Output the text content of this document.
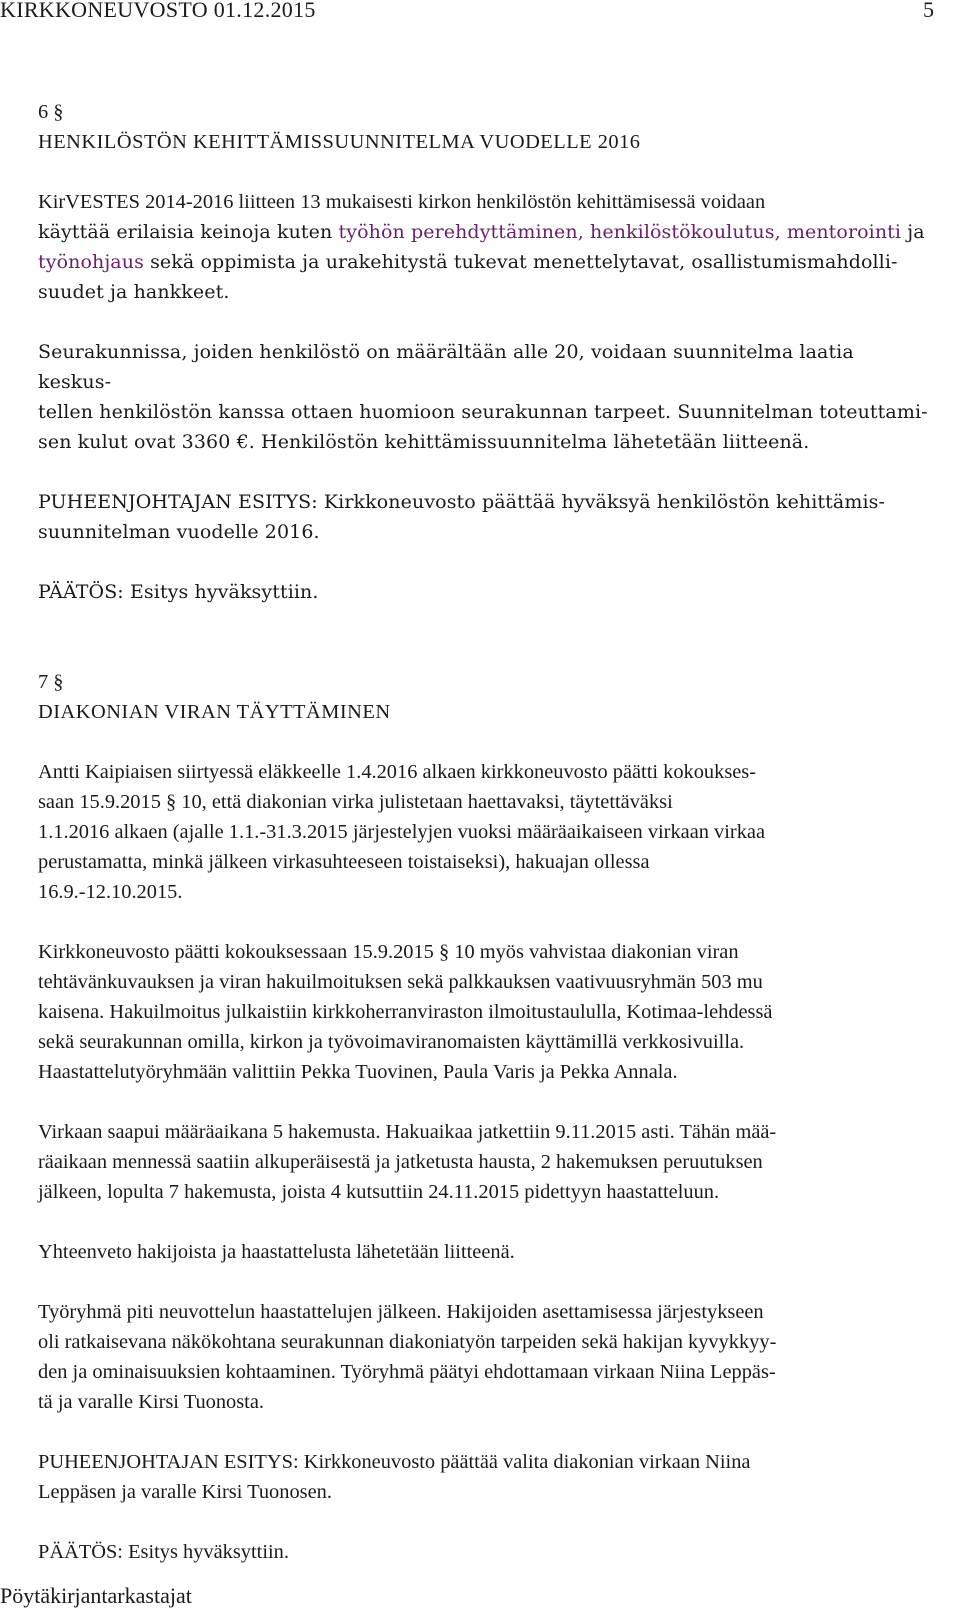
KIRKKONEUVOSTO 01.12.2015	5

6 §

HENKILÖSTÖN KEHITTÄMISSUUNNITELMA VUODELLE 2016

KirVESTES 2014-2016 liitteen 13 mukaisesti kirkon henkilöstön kehittämisessä voidaan

käyttää erilaisia keinoja kuten työhön perehdyttäminen, henkilöstökoulutus, mentorointi ja

työnohjaus sekä oppimista ja urakehitystä tukevat menettelytavat, osallistumismahdolli-

suudet ja hankkeet.

Seurakunnissa, joiden henkilöstö on määrältään alle 20, voidaan suunnitelma laatia keskus-

tellen henkilöstön kanssa ottaen huomioon seurakunnan tarpeet. Suunnitelman toteuttami-

sen kulut ovat 3360 €. Henkilöstön kehittämissuunnitelma lähetetään liitteenä.

PUHEENJOHTAJAN ESITYS: Kirkkoneuvosto päättää hyväksyä henkilöstön kehittämis-

suunnitelman vuodelle 2016.

PÄÄTÖS: Esitys hyväksyttiin.

7 §

DIAKONIAN VIRAN TÄYTTÄMINEN

Antti Kaipiaisen siirtyessä eläkkeelle 1.4.2016 alkaen kirkkoneuvosto päätti kokoukses-

saan 15.9.2015 § 10, että diakonian virka julistetaan haettavaksi, täytettäväksi

1.1.2016 alkaen (ajalle 1.1.-31.3.2015 järjestelyjen vuoksi määräaikaiseen virkaan virkaa

perustamatta, minkä jälkeen virkasuhteeseen toistaiseksi), hakuajan ollessa

16.9.-12.10.2015.

Kirkkoneuvosto päätti kokouksessaan 15.9.2015 § 10 myös vahvistaa diakonian viran

tehtävänkuvauksen ja viran hakuilmoituksen sekä palkkauksen vaativuusryhmän 503 mu

kaisena. Hakuilmoitus julkaistiin kirkkoherranviraston ilmoitustaululla, Kotimaa-lehdessä

sekä seurakunnan omilla, kirkon ja työvoimaviranomaisten käyttämillä verkkosivuilla.

Haastattelutyöryhmään valittiin Pekka Tuovinen, Paula Varis ja Pekka Annala.

Virkaan saapui määräaikana 5 hakemusta. Hakuaikaa jatkettiin 9.11.2015 asti. Tähän mää-

räaikaan mennessä saatiin alkuperäisestä ja jatketusta hausta, 2 hakemuksen peruutuksen

jälkeen, lopulta 7 hakemusta, joista 4 kutsuttiin 24.11.2015 pidettyyn haastatteluun.

Yhteenveto hakijoista ja haastattelusta lähetetään liitteenä.

Työryhmä piti neuvottelun haastattelujen jälkeen. Hakijoiden asettamisessa järjestykseen

oli ratkaisevana näkökohtana seurakunnan diakoniatyön tarpeiden sekä hakijan kyvykkyy-

den ja ominaisuuksien kohtaaminen. Työryhmä päätyi ehdottamaan virkaan Niina Leppäs-

tä ja varalle Kirsi Tuonosta.

PUHEENJOHTAJAN ESITYS: Kirkkoneuvosto päättää valita diakonian virkaan Niina

Leppäsen ja varalle Kirsi Tuonosen.

PÄÄTÖS: Esitys hyväksyttiin.

Pöytäkirjantarkastajat
